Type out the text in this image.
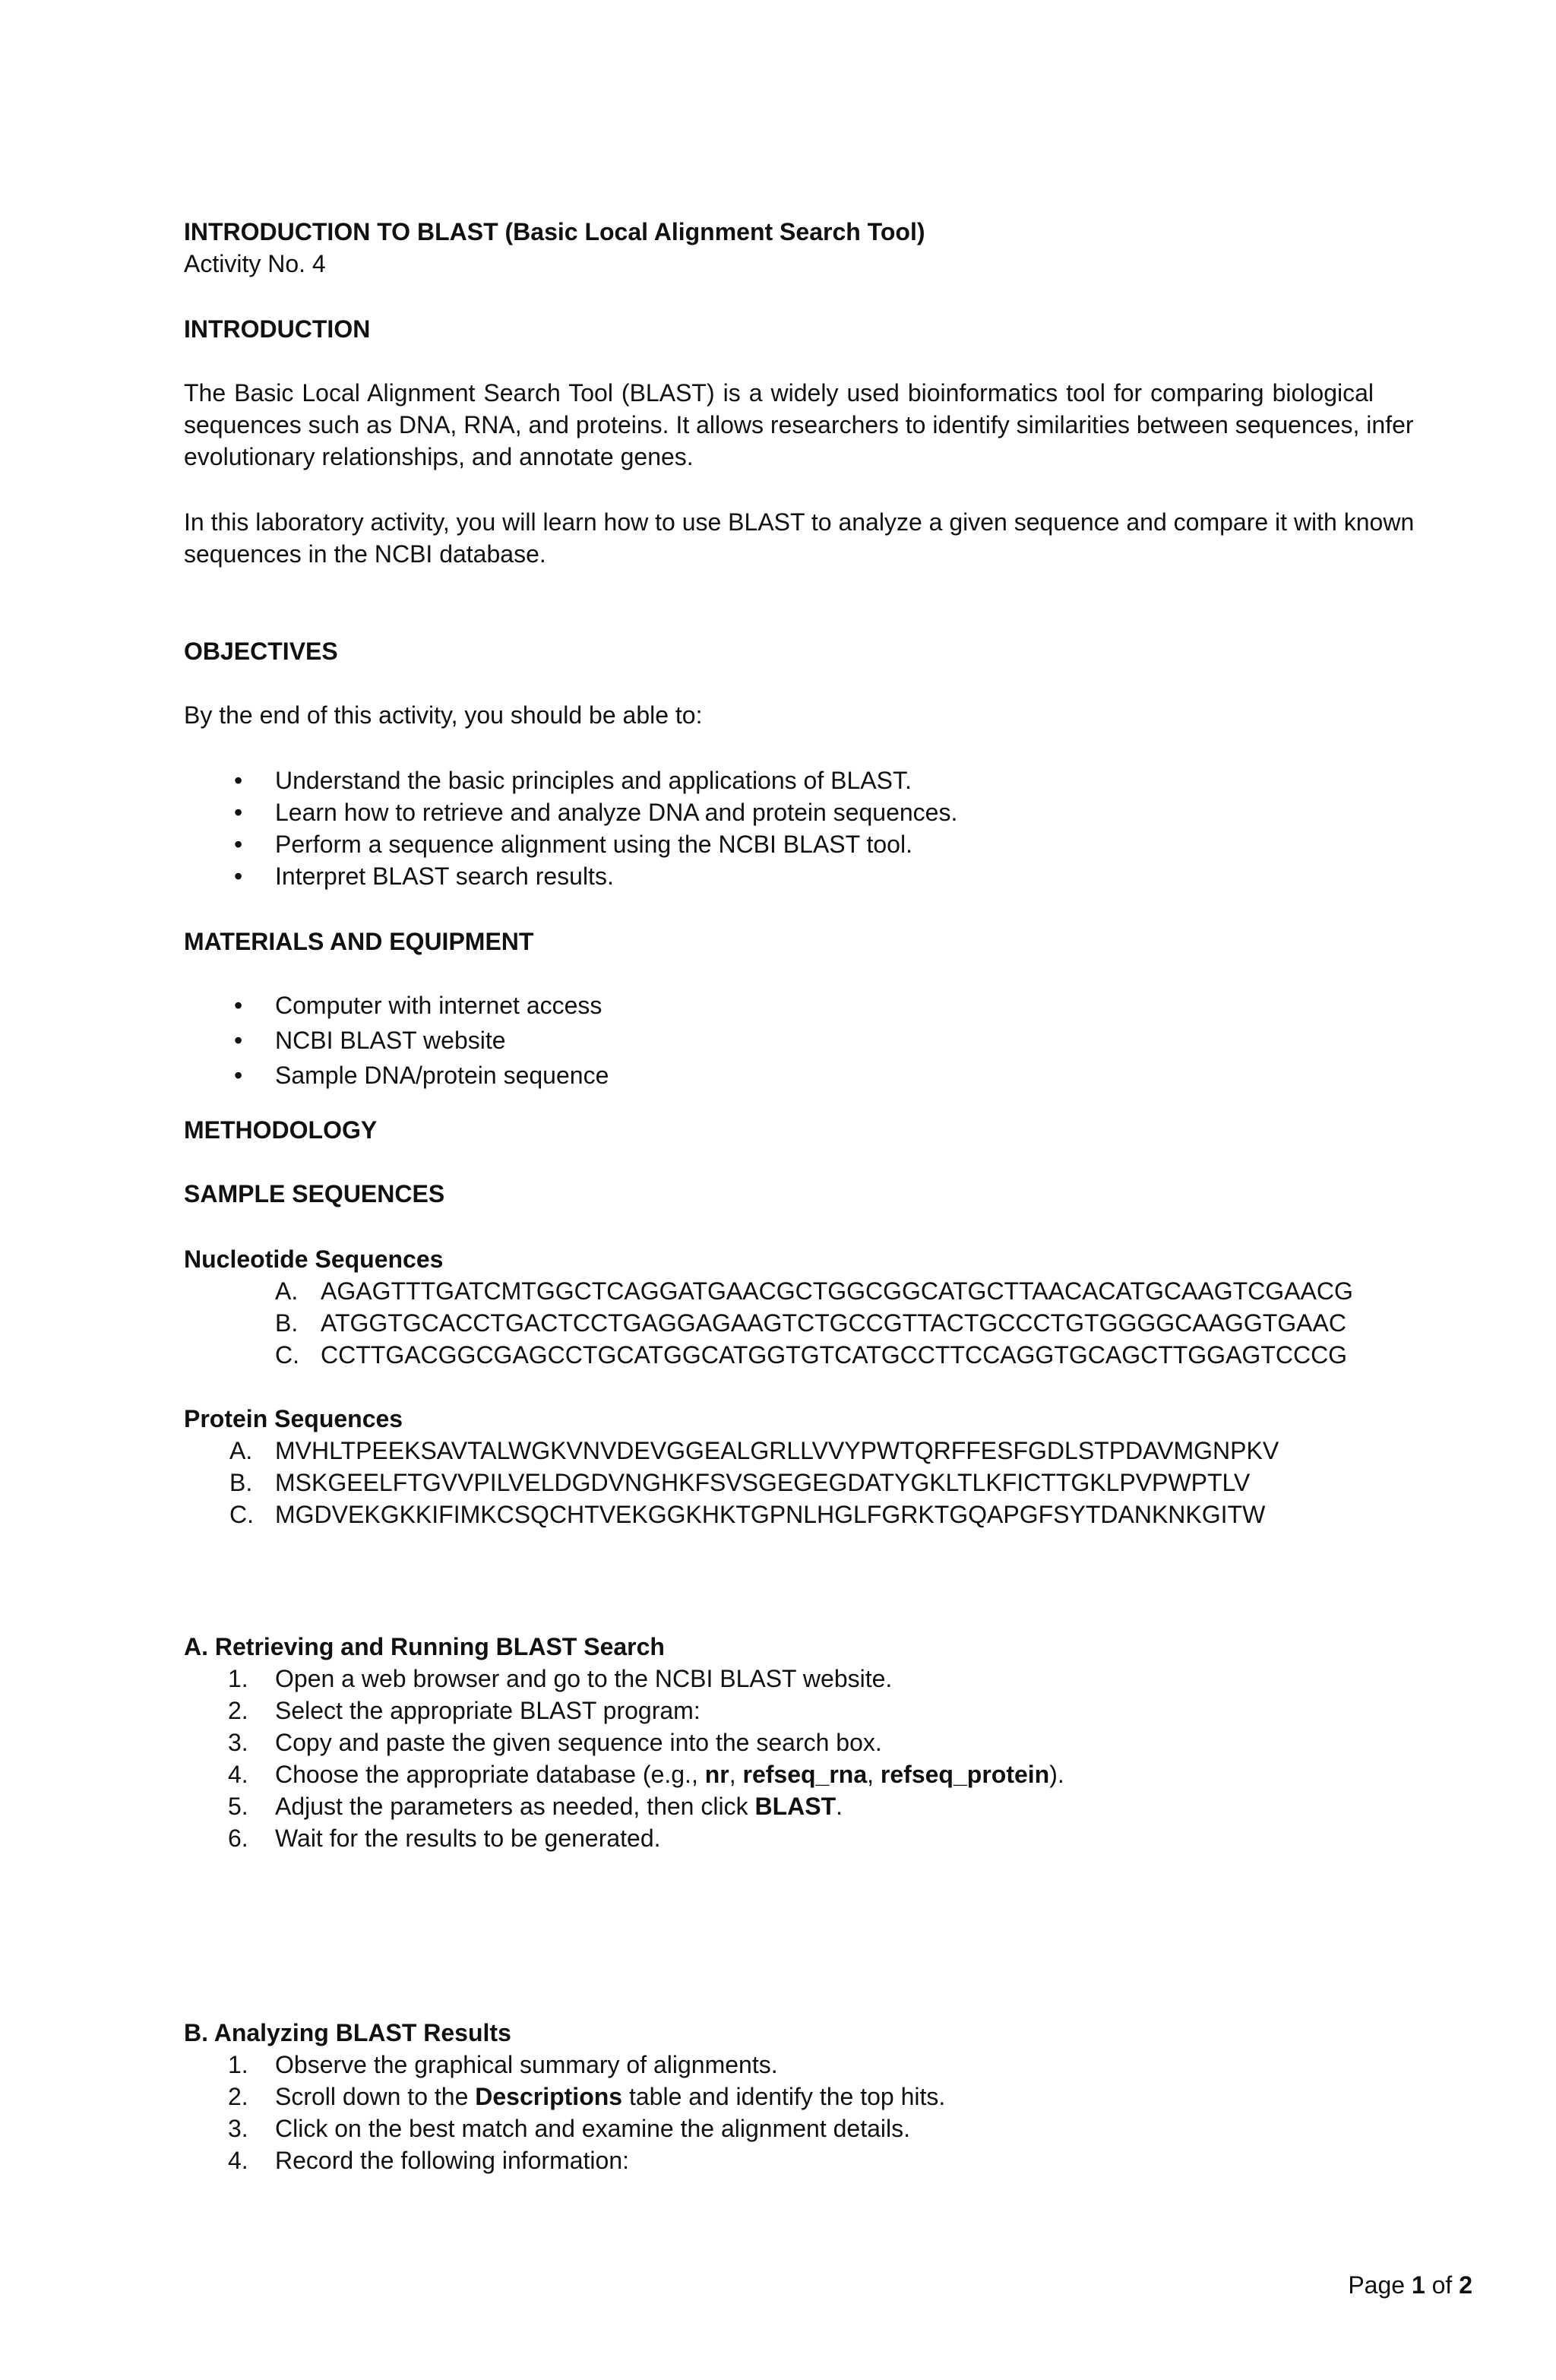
INTRODUCTION TO BLAST (Basic Local Alignment Search Tool)
Activity No. 4
INTRODUCTION
The Basic Local Alignment Search Tool (BLAST) is a widely used bioinformatics tool for comparing biological
sequences such as DNA, RNA, and proteins. It allows researchers to identify similarities between sequences, infer
evolutionary relationships, and annotate genes.
In this laboratory activity, you will learn how to use BLAST to analyze a given sequence and compare it with known
sequences in the NCBI database.
OBJECTIVES
By the end of this activity, you should be able to:
• Understand the basic principles and applications of BLAST.
• Learn how to retrieve and analyze DNA and protein sequences.
• Perform a sequence alignment using the NCBI BLAST tool.
• Interpret BLAST search results.
MATERIALS AND EQUIPMENT
• Computer with internet access
• NCBI BLAST website
• Sample DNA/protein sequence
METHODOLOGY
SAMPLE SEQUENCES
Nucleotide Sequences
A. AGAGTTTGATCMTGGCTCAGGATGAACGCTGGCGGCATGCTTAACACATGCAAGTCGAACG
B. ATGGTGCACCTGACTCCTGAGGAGAAGTCTGCCGTTACTGCCCTGTGGGGCAAGGTGAAC
C. CCTTGACGGCGAGCCTGCATGGCATGGTGTCATGCCTTCCAGGTGCAGCTTGGAGTCCCG
Protein Sequences
A. MVHLTPEEKSAVTALWGKVNVDEVGGEALGRLLVVYPWTQRFFESFGDLSTPDAVMGNPKV
B. MSKGEELFTGVVPILVELDGDVNGHKFSVSGEGEGDATYGKLTLKFICTTGKLPVPWPTLV
C. MGDVEKGKKIFIMKCSQCHTVEKGGKHKTGPNLHGLFGRKTGQAPGFSYTDANKNKGITW
A. Retrieving and Running BLAST Search
1. Open a web browser and go to the NCBI BLAST website.
2. Select the appropriate BLAST program:
3. Copy and paste the given sequence into the search box.
4. Choose the appropriate database (e.g., nr, refseq_rna, refseq_protein).
5. Adjust the parameters as needed, then click BLAST.
6. Wait for the results to be generated.
B. Analyzing BLAST Results
1. Observe the graphical summary of alignments.
2. Scroll down to the Descriptions table and identify the top hits.
3. Click on the best match and examine the alignment details.
4. Record the following information:
Page 1 of 2
